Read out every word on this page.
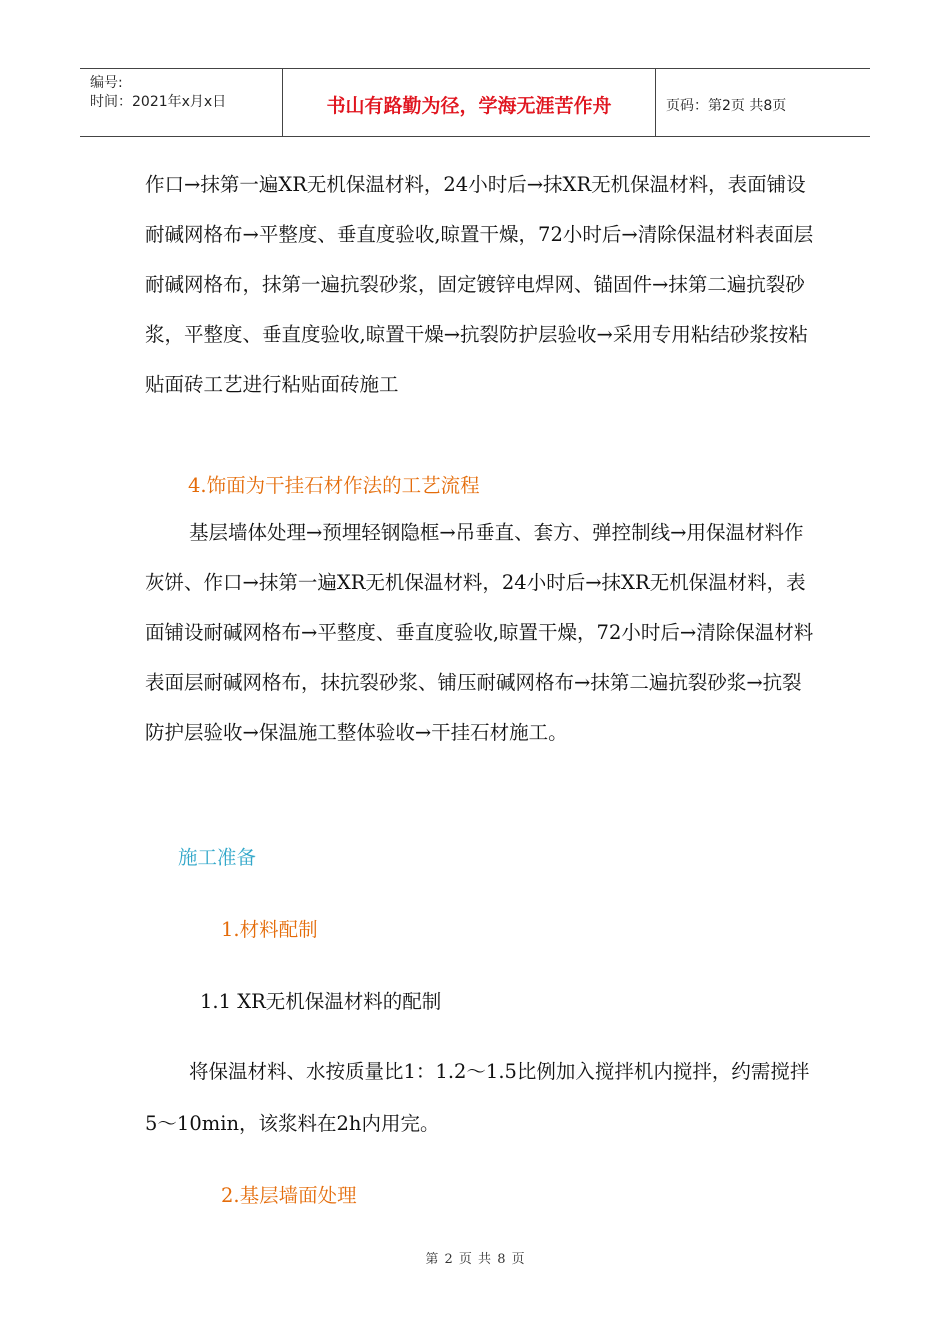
编号:
时间：2021年x月x日	书山有路勤为径，学海无涯苦作舟	页码：第2页 共8页

作口→抹第一遍XR无机保温材料，24小时后→抹XR无机保温材料，表面铺设耐碱网格布→平整度、垂直度验收,晾置干燥，72小时后→清除保温材料表面层耐碱网格布，抹第一遍抗裂砂浆，固定镀锌电焊网、锚固件→抹第二遍抗裂砂浆，平整度、垂直度验收,晾置干燥→抗裂防护层验收→采用专用粘结砂浆按粘贴面砖工艺进行粘贴面砖施工

4.饰面为干挂石材作法的工艺流程

基层墙体处理→预埋轻钢隐框→吊垂直、套方、弹控制线→用保温材料作灰饼、作口→抹第一遍XR无机保温材料，24小时后→抹XR无机保温材料，表面铺设耐碱网格布→平整度、垂直度验收,晾置干燥，72小时后→清除保温材料表面层耐碱网格布，抹抗裂砂浆、铺压耐碱网格布→抹第二遍抗裂砂浆→抗裂防护层验收→保温施工整体验收→干挂石材施工。

施工准备

1.材料配制

1.1 XR无机保温材料的配制

将保温材料、水按质量比1：1.2～1.5比例加入搅拌机内搅拌，约需搅拌5～10min，该浆料在2h内用完。

2.基层墙面处理

第 2 页 共 8 页
